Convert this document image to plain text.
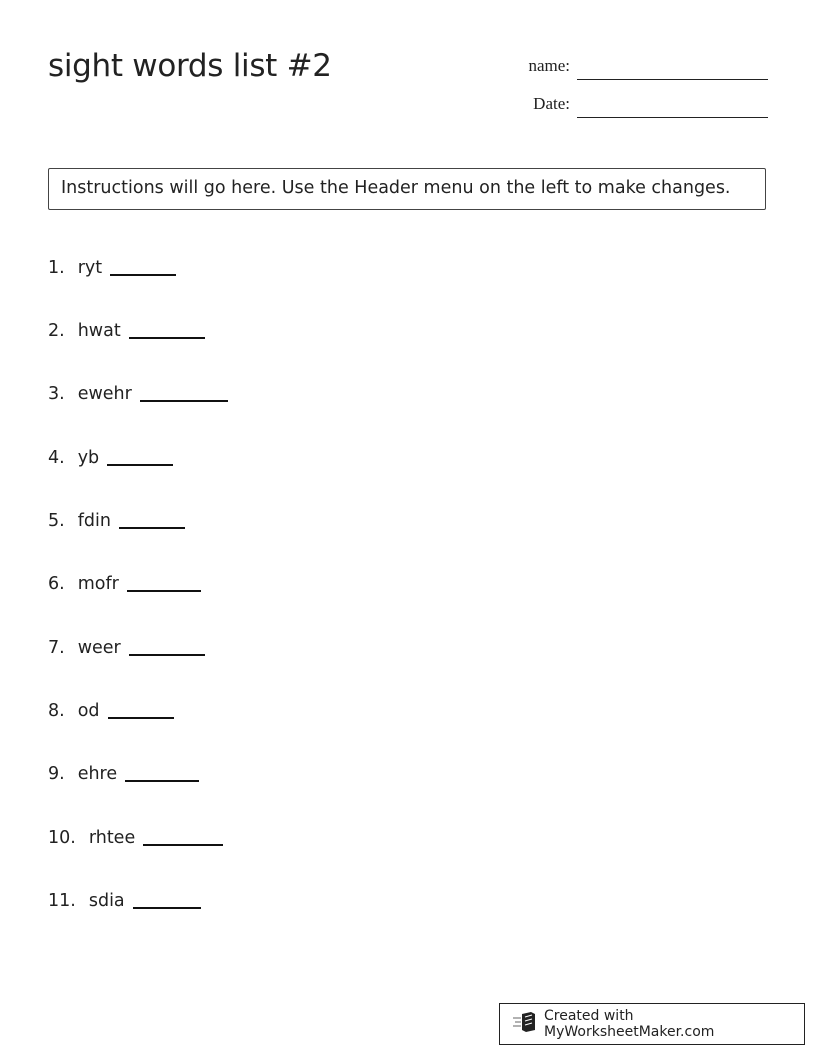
sight words list #2	name:
Date:
Instructions will go here. Use the Header menu on the left to make changes.
1. ryt
2. hwat
3. ewehr
4. yb
5. fdin
6. mofr
7. weer
8. od
9. ehre
10. rhtee
11. sdia
Created with MyWorksheetMaker.com
